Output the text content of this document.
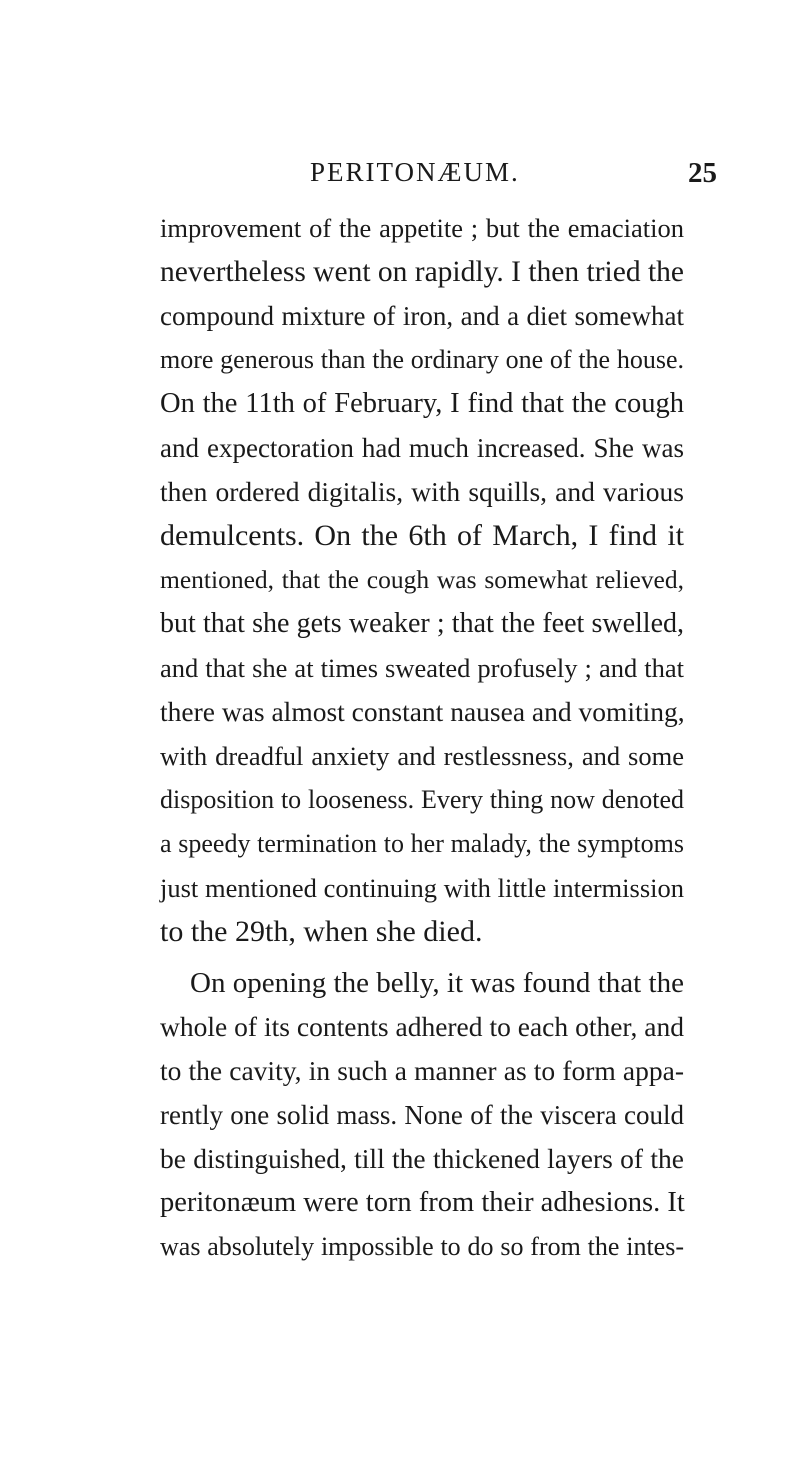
PERITONÆUM.	25
improvement of the appetite ; but the emaciation
nevertheless went on rapidly. I then tried the
compound mixture of iron, and a diet somewhat
more generous than the ordinary one of the house.
On the 11th of February, I find that the cough
and expectoration had much increased. She was
then ordered digitalis, with squills, and various
demulcents. On the 6th of March, I find it
mentioned, that the cough was somewhat relieved,
but that she gets weaker ; that the feet swelled,
and that she at times sweated profusely ; and that
there was almost constant nausea and vomiting,
with dreadful anxiety and restlessness, and some
disposition to looseness. Every thing now denoted
a speedy termination to her malady, the symptoms
just mentioned continuing with little intermission
to the 29th, when she died.
On opening the belly, it was found that the
whole of its contents adhered to each other, and
to the cavity, in such a manner as to form appa-
rently one solid mass. None of the viscera could
be distinguished, till the thickened layers of the
peritonæum were torn from their adhesions. It
was absolutely impossible to do so from the intes-
